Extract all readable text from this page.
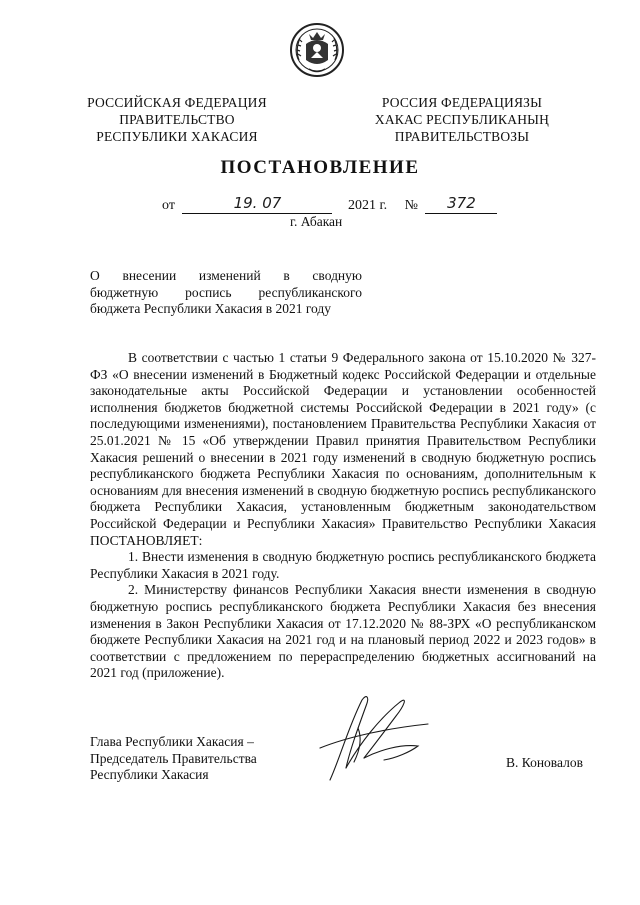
РОССИЙСКАЯ ФЕДЕРАЦИЯ
ПРАВИТЕЛЬСТВО
РЕСПУБЛИКИ ХАКАСИЯ
РОССИЯ ФЕДЕРАЦИЯЗЫ
ХАКАС РЕСПУБЛИКАНЫҢ
ПРАВИТЕЛЬСТВОЗЫ
ПОСТАНОВЛЕНИЕ
от	19. 07	2021 г. № 372
г. Абакан
О внесении изменений в сводную
бюджетную роспись республиканского
бюджета Республики Хакасия в 2021 году

В соответствии с частью 1 статьи 9 Федерального закона от 15.10.2020 № 327-ФЗ «О внесении изменений в Бюджетный кодекс Российской Федерации и отдельные законодательные акты Российской Федерации и установлении особенностей исполнения бюджетов бюджетной системы Российской Федерации в 2021 году» (с последующими изменениями), постановлением Правительства Республики Хакасия от 25.01.2021 № 15 «Об утверждении Правил принятия Правительством Республики Хакасия решений о внесении в 2021 году изменений в сводную бюджетную роспись республиканского бюджета Республики Хакасия по основаниям, дополнительным к основаниям для внесения изменений в сводную бюджетную роспись республиканского бюджета Республики Хакасия, установленным бюджетным законодательством Российской Федерации и Республики Хакасия» Правительство Республики Хакасия ПОСТАНОВЛЯЕТ:

1. Внести изменения в сводную бюджетную роспись республиканского бюджета Республики Хакасия в 2021 году.

2. Министерству финансов Республики Хакасия внести изменения в сводную бюджетную роспись республиканского бюджета Республики Хакасия без внесения изменения в Закон Республики Хакасия от 17.12.2020 № 88-ЗРХ «О республиканском бюджете Республики Хакасия на 2021 год и на плановый период 2022 и 2023 годов» в соответствии с предложением по перераспределению бюджетных ассигнований на 2021 год (приложение).

Глава Республики Хакасия –
Председатель Правительства
Республики Хакасия
В. Коновалов
